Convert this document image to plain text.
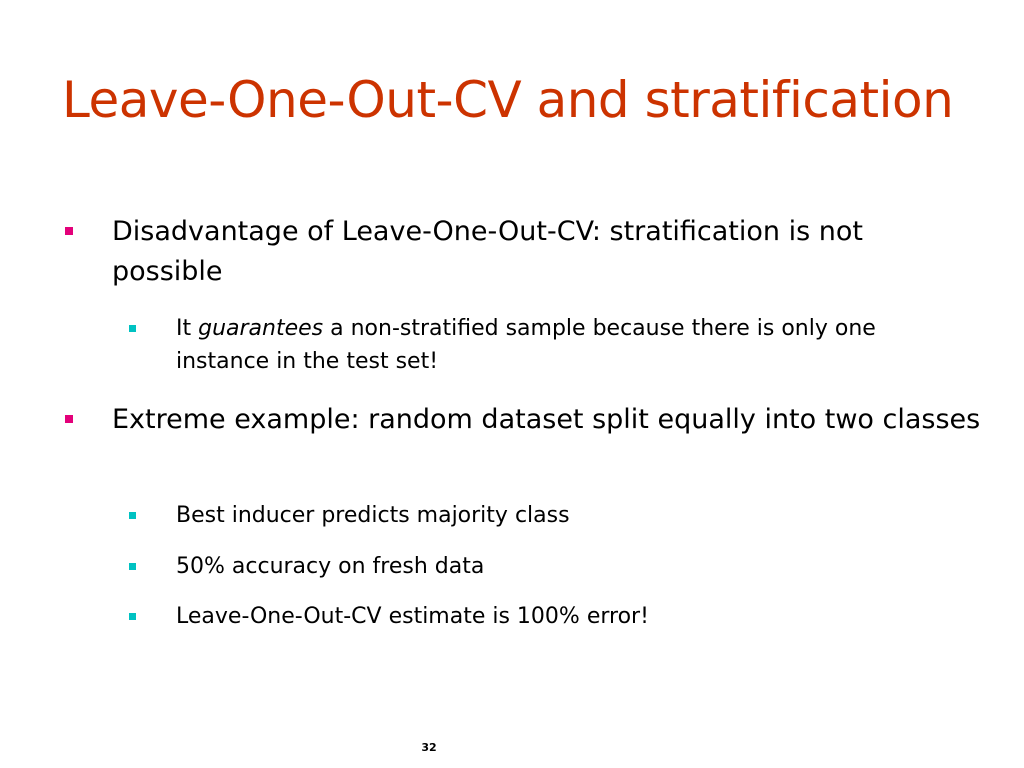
Leave-One-Out-CV and stratification
Disadvantage of Leave-One-Out-CV: stratification is not possible
It guarantees a non-stratified sample because there is only one instance in the test set!
Extreme example: random dataset split equally into two classes
Best inducer predicts majority class
50% accuracy on fresh data
Leave-One-Out-CV estimate is 100% error!
32
